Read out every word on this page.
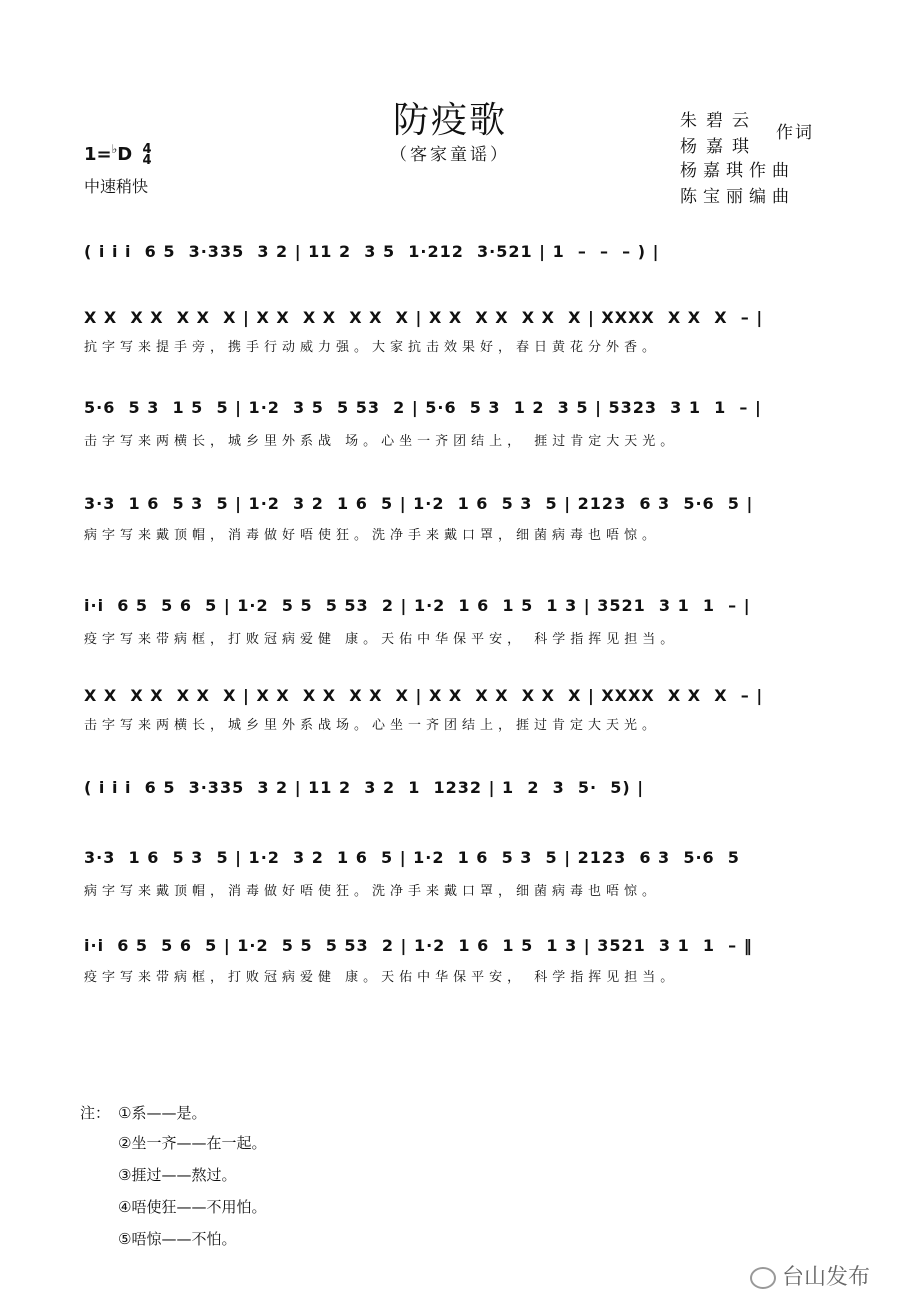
防疫歌
（客家童谣）
1=♭D 4
4
中速稍快
朱碧云
杨嘉琪
作词
杨嘉琪作曲
陈宝丽编曲
( i i i  6 5  3·335  3 2 | 11 2  3 5  1·212  3·521 | 1  –  –  – ) |
X X  X X  X X  X | X X  X X  X X  X | X X  X X  X X  X | XXXX  X X  X  – |
抗字写来提手旁，携手行动威力强。大家抗击效果好，春日黄花分外香。
5·6  5 3  1 5  5 | 1·2  3 5  5 53  2 | 5·6  5 3  1 2  3 5 | 5323  3 1  1  – |
击字写来两横长，城乡里外系战 场。心坐一齐团结上， 捱过肯定大天光。
3·3  1 6  5 3  5 | 1·2  3 2  1 6  5 | 1·2  1 6  5 3  5 | 2123  6 3  5·6  5 |
病字写来戴顶帽，消毒做好唔使狂。洗净手来戴口罩，细菌病毒也唔惊。
i·i  6 5  5 6  5 | 1·2  5 5  5 53  2 | 1·2  1 6  1 5  1 3 | 3521  3 1  1  – |
疫字写来带病框，打败冠病爱健 康。天佑中华保平安， 科学指挥见担当。
X X  X X  X X  X | X X  X X  X X  X | X X  X X  X X  X | XXXX  X X  X  – |
击字写来两横长，城乡里外系战场。心坐一齐团结上，捱过肯定大天光。
( i i i  6 5  3·335  3 2 | 11 2  3 2  1  1232 | 1  2  3  5·  5) |
3·3  1 6  5 3  5 | 1·2  3 2  1 6  5 | 1·2  1 6  5 3  5 | 2123  6 3  5·6  5
病字写来戴顶帽，消毒做好唔使狂。洗净手来戴口罩，细菌病毒也唔惊。
i·i  6 5  5 6  5 | 1·2  5 5  5 53  2 | 1·2  1 6  1 5  1 3 | 3521  3 1  1  – ‖
疫字写来带病框，打败冠病爱健 康。天佑中华保平安， 科学指挥见担当。
注： ①系——是。
②坐一齐——在一起。
③捱过——熬过。
④唔使狂——不用怕。
⑤唔惊——不怕。
台山发布
